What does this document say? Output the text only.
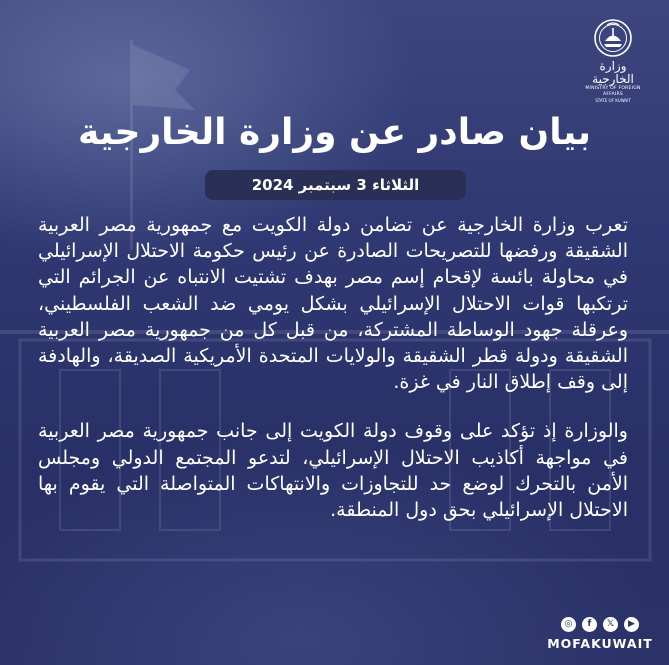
وزارة الخارجية
MINISTRY OF FOREIGN AFFAIRS
STATE OF KUWAIT
بيان صادر عن وزارة الخارجية
الثلاثاء 3 سبتمبر 2024

تعرب وزارة الخارجية عن تضامن دولة الكويت مع جمهورية مصر العربية الشقيقة ورفضها للتصريحات الصادرة عن رئيس حكومة الاحتلال الإسرائيلي في محاولة بائسة لإقحام إسم مصر بهدف تشتيت الانتباه عن الجرائم التي ترتكبها قوات الاحتلال الإسرائيلي بشكل يومي ضد الشعب الفلسطيني، وعرقلة جهود الوساطة المشتركة، من قبل كل من جمهورية مصر العربية الشقيقة ودولة قطر الشقيقة والولايات المتحدة الأمريكية الصديقة، والهادفة إلى وقف إطلاق النار في غزة.

والوزارة إذ تؤكد على وقوف دولة الكويت إلى جانب جمهورية مصر العربية في مواجهة أكاذيب الاحتلال الإسرائيلي، لتدعو المجتمع الدولي ومجلس الأمن بالتحرك لوضع حد للتجاوزات والانتهاكات المتواصلة التي يقوم بها الاحتلال الإسرائيلي بحق دول المنطقة.

◎	f	𝕏	▶
MOFAKUWAIT
